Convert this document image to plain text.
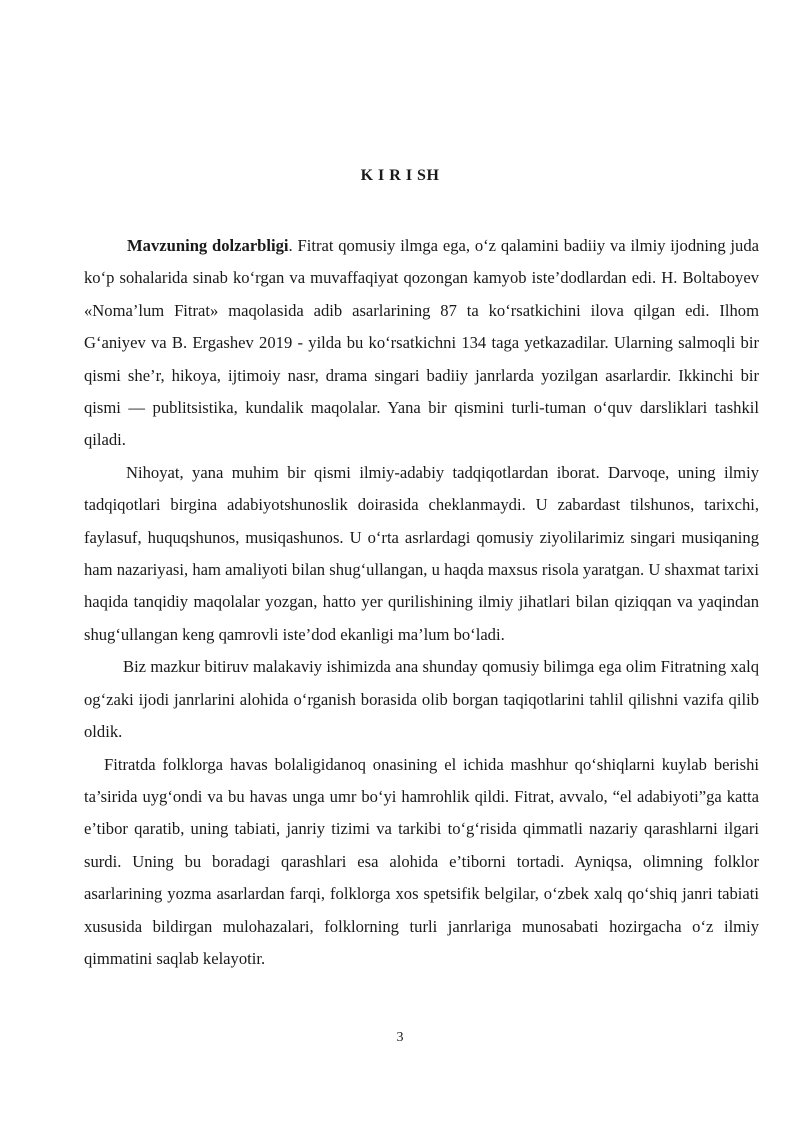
K I R I SH

Mavzuning dolzarbligi. Fitrat qomusiy ilmga ega, o‘z qalamini badiiy va ilmiy ijodning juda ko‘p sohalarida sinab ko‘rgan va muvaffaqiyat qozongan kamyob iste’dodlardan edi. H. Boltaboyev «Noma’lum Fitrat» maqolasida adib asarlarining 87 ta ko‘rsatkichini ilova qilgan edi. Ilhom G‘aniyev va B. Ergashev 2019 - yilda bu ko‘rsatkichni 134 taga yetkazadilar. Ularning salmoqli bir qismi she’r, hikoya, ijtimoiy nasr, drama singari badiiy janrlarda yozilgan asarlardir. Ikkinchi bir qismi — publitsistika, kundalik maqolalar. Yana bir qismini turli-tuman o‘quv darsliklari tashkil qiladi.

Nihoyat, yana muhim bir qismi ilmiy-adabiy tadqiqotlardan iborat. Darvoqe, uning ilmiy tadqiqotlari birgina adabiyotshunoslik doirasida cheklanmaydi. U zabardast tilshunos, tarixchi, faylasuf, huquqshunos, musiqashunos. U o‘rta asrlardagi qomusiy ziyolilarimiz singari musiqaning ham nazariyasi, ham amaliyoti bilan shug‘ullangan, u haqda maxsus risola yaratgan. U shaxmat tarixi haqida tanqidiy maqolalar yozgan, hatto yer qurilishining ilmiy jihatlari bilan qiziqqan va yaqindan shug‘ullangan keng qamrovli iste’dod ekanligi ma’lum bo‘ladi.

Biz mazkur bitiruv malakaviy ishimizda ana shunday qomusiy bilimga ega olim Fitratning xalq og‘zaki ijodi janrlarini alohida o‘rganish borasida olib borgan taqiqotlarini tahlil qilishni vazifa qilib oldik.

Fitratda folklorga havas bolaligidanoq onasining el ichida mashhur qo‘shiqlarni kuylab berishi ta’sirida uyg‘ondi va bu havas unga umr bo‘yi hamrohlik qildi. Fitrat, avvalo, “el adabiyoti”ga katta e’tibor qaratib, uning tabiati, janriy tizimi va tarkibi to‘g‘risida qimmatli nazariy qarashlarni ilgari surdi. Uning bu boradagi qarashlari esa alohida e’tiborni tortadi. Ayniqsa, olimning folklor asarlarining yozma asarlardan farqi, folklorga xos spetsifik belgilar, o‘zbek xalq qo‘shiq janri tabiati xususida bildirgan mulohazalari, folklorning turli janrlariga munosabati hozirgacha o‘z ilmiy qimmatini saqlab kelayotir.

3
